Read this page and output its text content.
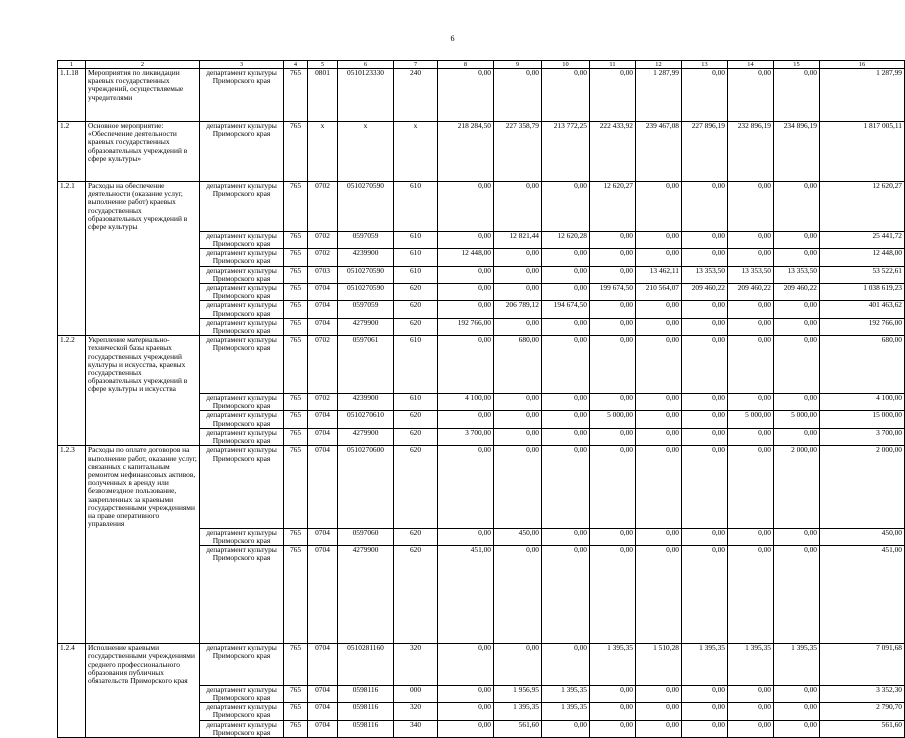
6
1	2	3	4	5	6	7	8	9	10	11	12	13	14	15	16
1.1.18	Мероприятия по ликвидации краевых государственных учреждений, осуществляемые учредителями	департамент культуры Приморского края	765	0801	0510123330	240	0,00	0,00	0,00	0,00	1 287,99	0,00	0,00	0,00	1 287,99
1.2	Основное мероприятие: «Обеспечение деятельности краевых государственных образовательных учреждений в сфере культуры»	департамент культуры Приморского края	765	х	х	х	218 284,50	227 358,79	213 772,25	222 433,92	239 467,08	227 896,19	232 896,19	234 896,19	1 817 005,11
1.2.1	Расходы на обеспечение деятельности (оказание услуг, выполнение работ) краевых государственных образовательных учреждений в сфере культуры	департамент культуры Приморского края	765	0702	0510270590	610	0,00	0,00	0,00	12 620,27	0,00	0,00	0,00	0,00	12 620,27
		департамент культуры Приморского края	765	0702	0597059	610	0,00	12 821,44	12 620,28	0,00	0,00	0,00	0,00	0,00	25 441,72
		департамент культуры Приморского края	765	0702	4239900	610	12 448,00	0,00	0,00	0,00	0,00	0,00	0,00	0,00	12 448,00
		департамент культуры Приморского края	765	0703	0510270590	610	0,00	0,00	0,00	0,00	13 462,11	13 353,50	13 353,50	13 353,50	53 522,61
		департамент культуры Приморского края	765	0704	0510270590	620	0,00	0,00	0,00	199 674,50	210 564,07	209 460,22	209 460,22	209 460,22	1 038 619,23
		департамент культуры Приморского края	765	0704	0597059	620	0,00	206 789,12	194 674,50	0,00	0,00	0,00	0,00	0,00	401 463,62
		департамент культуры Приморского края	765	0704	4279900	620	192 766,00	0,00	0,00	0,00	0,00	0,00	0,00	0,00	192 766,00
1.2.2	Укрепление материально-технической базы краевых государственных учреждений культуры и искусства, краевых государственных образовательных учреждений в сфере культуры и искусства	департамент культуры Приморского края	765	0702	0597061	610	0,00	680,00	0,00	0,00	0,00	0,00	0,00	0,00	680,00
		департамент культуры Приморского края	765	0702	4239900	610	4 100,00	0,00	0,00	0,00	0,00	0,00	0,00	0,00	4 100,00
		департамент культуры Приморского края	765	0704	0510270610	620	0,00	0,00	0,00	5 000,00	0,00	0,00	5 000,00	5 000,00	15 000,00
		департамент культуры Приморского края	765	0704	4279900	620	3 700,00	0,00	0,00	0,00	0,00	0,00	0,00	0,00	3 700,00
1.2.3	Расходы по оплате договоров на выполнение работ, оказание услуг, связанных с капитальным ремонтом нефинансовых активов, полученных в аренду или безвозмездное пользование, закрепленных за краевыми государственными учреждениями на праве оперативного управления	департамент культуры Приморского края	765	0704	0510270600	620	0,00	0,00	0,00	0,00	0,00	0,00	0,00	2 000,00	2 000,00
		департамент культуры Приморского края	765	0704	0597060	620	0,00	450,00	0,00	0,00	0,00	0,00	0,00	0,00	450,00
		департамент культуры Приморского края	765	0704	4279900	620	451,00	0,00	0,00	0,00	0,00	0,00	0,00	0,00	451,00
1.2.4	Исполнение краевыми государственными учреждениями среднего профессионального образования публичных обязательств Приморского края	департамент культуры Приморского края	765	0704	0510281160	320	0,00	0,00	0,00	1 395,35	1 510,28	1 395,35	1 395,35	1 395,35	7 091,68
		департамент культуры Приморского края	765	0704	0598116	000	0,00	1 956,95	1 395,35	0,00	0,00	0,00	0,00	0,00	3 352,30
		департамент культуры Приморского края	765	0704	0598116	320	0,00	1 395,35	1 395,35	0,00	0,00	0,00	0,00	0,00	2 790,70
		департамент культуры Приморского края	765	0704	0598116	340	0,00	561,60	0,00	0,00	0,00	0,00	0,00	0,00	561,60
